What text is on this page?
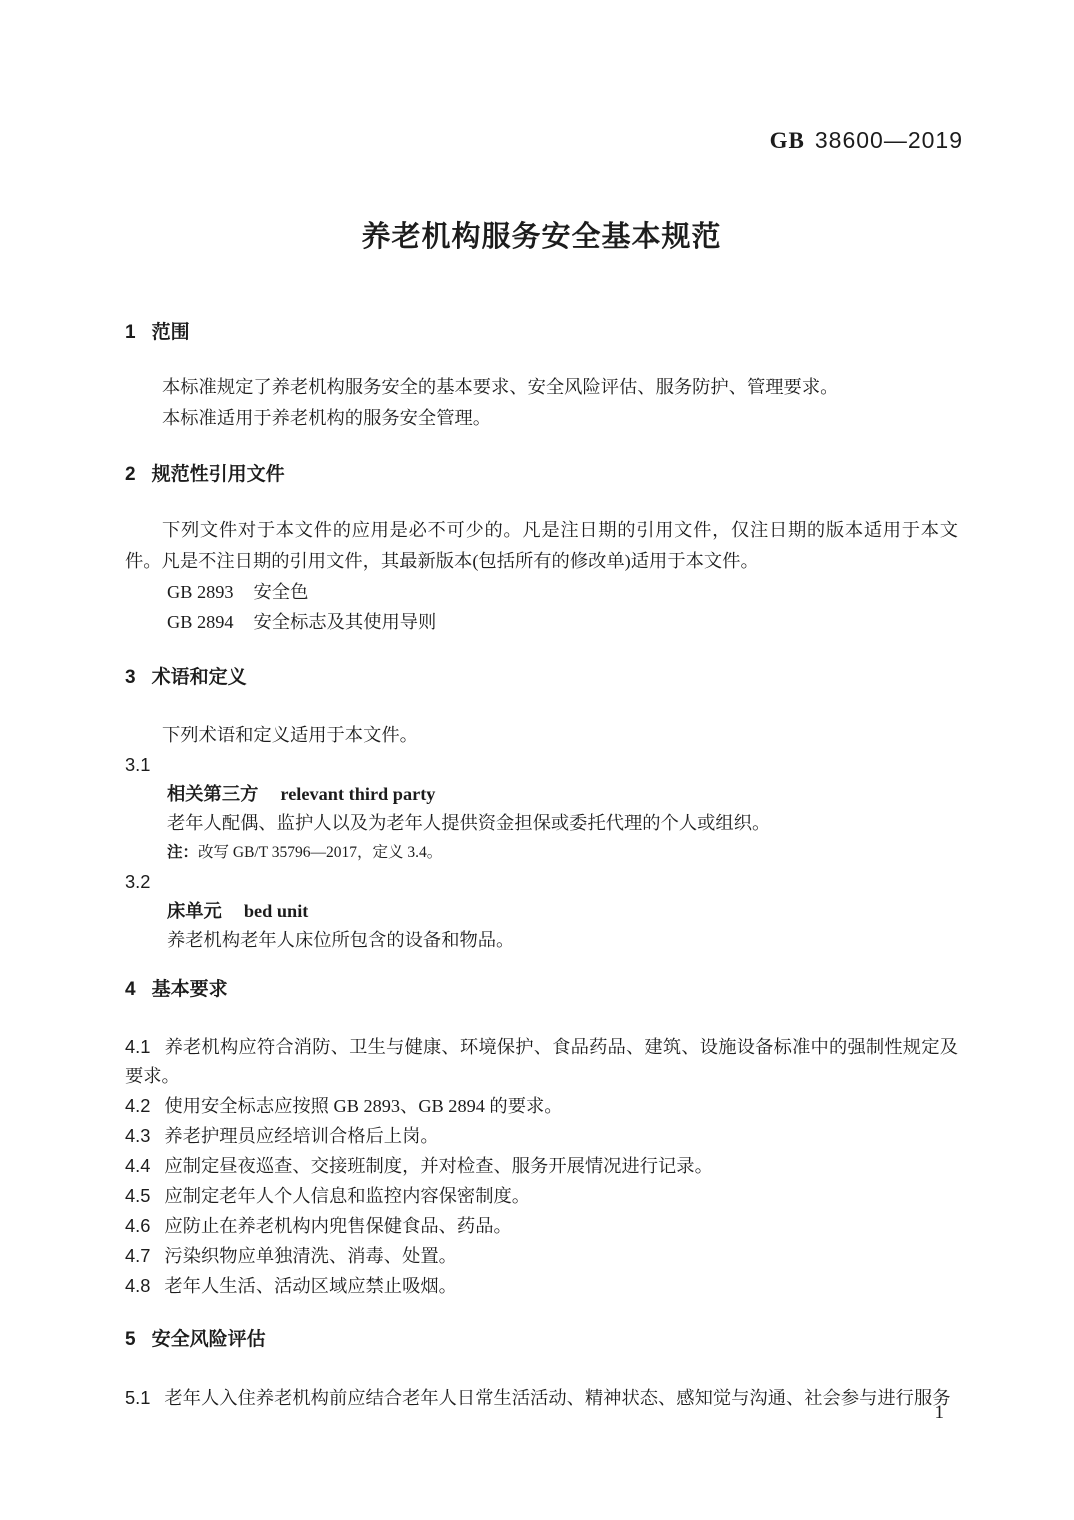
GB 38600—2019
养老机构服务安全基本规范
1 范围

本标准规定了养老机构服务安全的基本要求、安全风险评估、服务防护、管理要求。

本标准适用于养老机构的服务安全管理。

2 规范性引用文件

下列文件对于本文件的应用是必不可少的。凡是注日期的引用文件，仅注日期的版本适用于本文件。凡是不注日期的引用文件，其最新版本(包括所有的修改单)适用于本文件。

GB 2893 安全色

GB 2894 安全标志及其使用导则

3 术语和定义

下列术语和定义适用于本文件。

3.1

相关第三方 relevant third party

老年人配偶、监护人以及为老年人提供资金担保或委托代理的个人或组织。

注：改写 GB/T 35796—2017，定义 3.4。

3.2

床单元 bed unit

养老机构老年人床位所包含的设备和物品。

4 基本要求

4.1 养老机构应符合消防、卫生与健康、环境保护、食品药品、建筑、设施设备标准中的强制性规定及要求。

4.2 使用安全标志应按照 GB 2893、GB 2894 的要求。

4.3 养老护理员应经培训合格后上岗。

4.4 应制定昼夜巡查、交接班制度，并对检查、服务开展情况进行记录。

4.5 应制定老年人个人信息和监控内容保密制度。

4.6 应防止在养老机构内兜售保健食品、药品。

4.7 污染织物应单独清洗、消毒、处置。

4.8 老年人生活、活动区域应禁止吸烟。

5 安全风险评估

5.1 老年人入住养老机构前应结合老年人日常生活活动、精神状态、感知觉与沟通、社会参与进行服务

1
